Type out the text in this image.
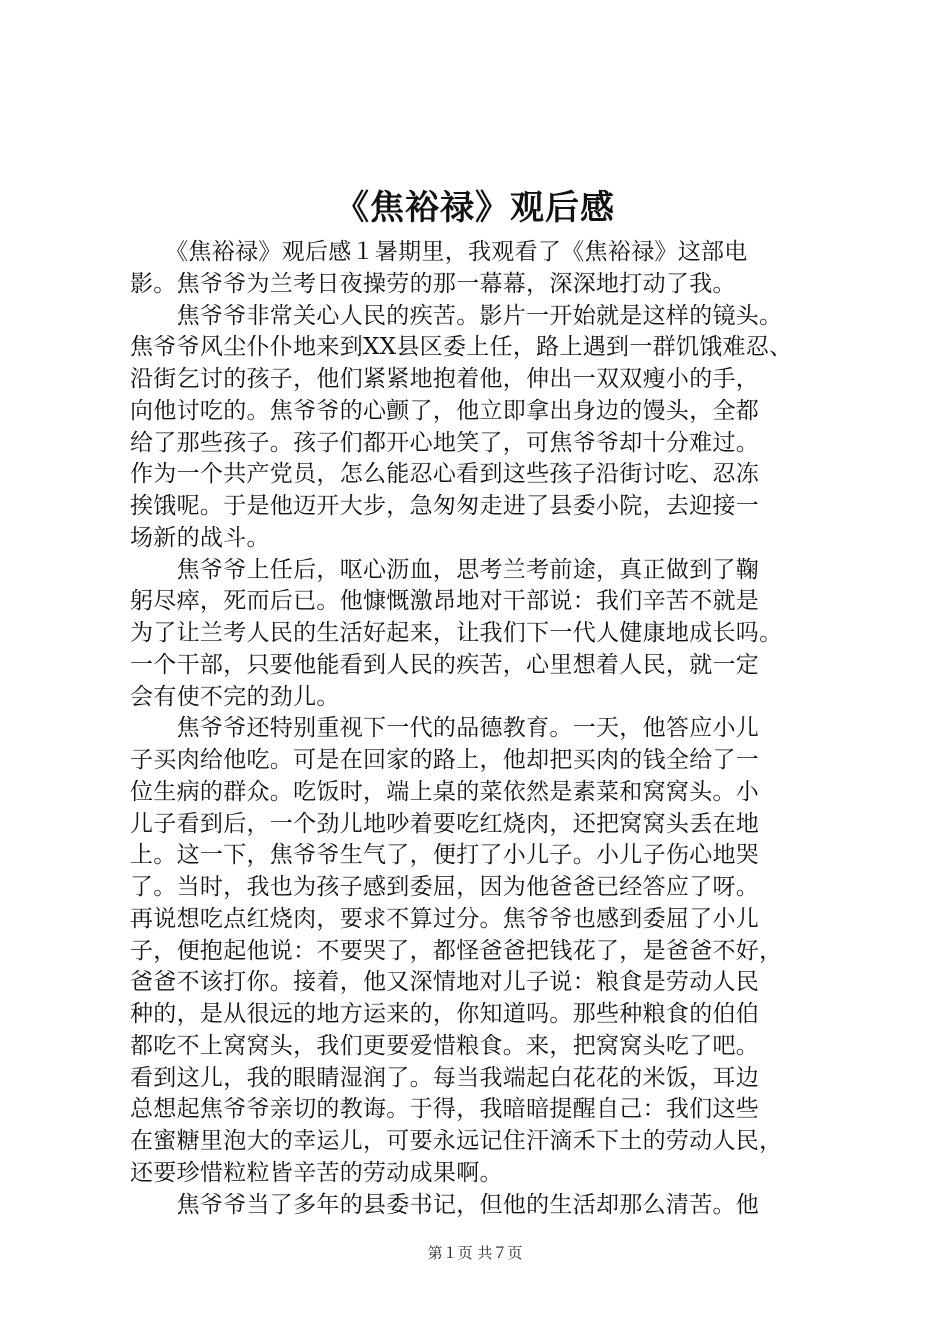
《焦裕禄》观后感
　　《焦裕禄》观后感１暑期里，我观看了《焦裕禄》这部电
影。焦爷爷为兰考日夜操劳的那一幕幕，深深地打动了我。
　　焦爷爷非常关心人民的疾苦。影片一开始就是这样的镜头。
焦爷爷风尘仆仆地来到XX县区委上任，路上遇到一群饥饿难忍、
沿街乞讨的孩子，他们紧紧地抱着他，伸出一双双瘦小的手，
向他讨吃的。焦爷爷的心颤了，他立即拿出身边的馒头，全都
给了那些孩子。孩子们都开心地笑了，可焦爷爷却十分难过。
作为一个共产党员，怎么能忍心看到这些孩子沿街讨吃、忍冻
挨饿呢。于是他迈开大步，急匆匆走进了县委小院，去迎接一
场新的战斗。
　　焦爷爷上任后，呕心沥血，思考兰考前途，真正做到了鞠
躬尽瘁，死而后已。他慷慨激昂地对干部说：我们辛苦不就是
为了让兰考人民的生活好起来，让我们下一代人健康地成长吗。
一个干部，只要他能看到人民的疾苦，心里想着人民，就一定
会有使不完的劲儿。
　　焦爷爷还特别重视下一代的品德教育。一天，他答应小儿
子买肉给他吃。可是在回家的路上，他却把买肉的钱全给了一
位生病的群众。吃饭时，端上桌的菜依然是素菜和窝窝头。小
儿子看到后，一个劲儿地吵着要吃红烧肉，还把窝窝头丢在地
上。这一下，焦爷爷生气了，便打了小儿子。小儿子伤心地哭
了。当时，我也为孩子感到委屈，因为他爸爸已经答应了呀。
再说想吃点红烧肉，要求不算过分。焦爷爷也感到委屈了小儿
子，便抱起他说：不要哭了，都怪爸爸把钱花了，是爸爸不好，
爸爸不该打你。接着，他又深情地对儿子说：粮食是劳动人民
种的，是从很远的地方运来的，你知道吗。那些种粮食的伯伯
都吃不上窝窝头，我们更要爱惜粮食。来，把窝窝头吃了吧。
看到这儿，我的眼睛湿润了。每当我端起白花花的米饭，耳边
总想起焦爷爷亲切的教诲。于得，我暗暗提醒自己：我们这些
在蜜糖里泡大的幸运儿，可要永远记住汗滴禾下土的劳动人民，
还要珍惜粒粒皆辛苦的劳动成果啊。
　　焦爷爷当了多年的县委书记，但他的生活却那么清苦。他
第１页 共７页
